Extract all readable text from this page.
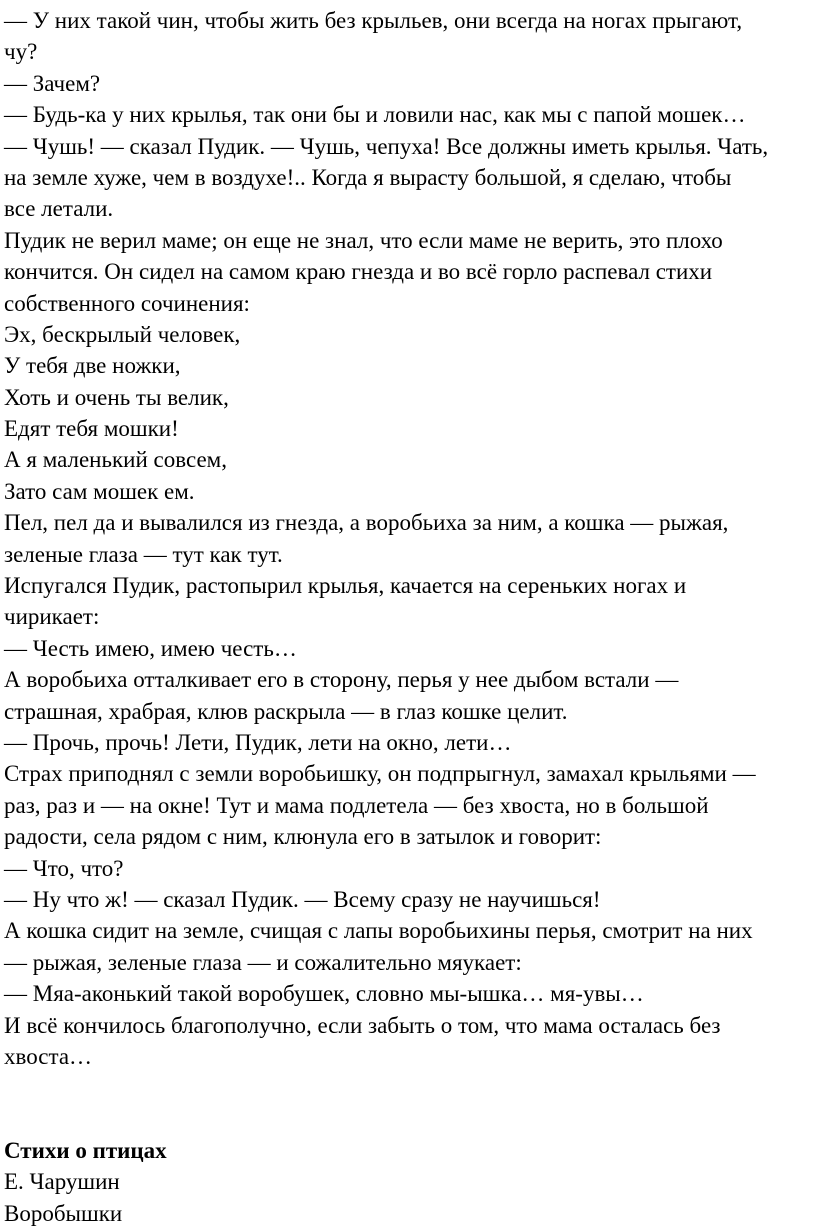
— У них такой чин, чтобы жить без крыльев, они всегда на ногах прыгают,
чу?
— Зачем?
— Будь-ка у них крылья, так они бы и ловили нас, как мы с папой мошек…
— Чушь! — сказал Пудик. — Чушь, чепуха! Все должны иметь крылья. Чать,
на земле хуже, чем в воздухе!.. Когда я вырасту большой, я сделаю, чтобы
все летали.
Пудик не верил маме; он еще не знал, что если маме не верить, это плохо
кончится. Он сидел на самом краю гнезда и во всё горло распевал стихи
собственного сочинения:
Эх, бескрылый человек,
У тебя две ножки,
Хоть и очень ты велик,
Едят тебя мошки!
А я маленький совсем,
Зато сам мошек ем.
Пел, пел да и вывалился из гнезда, а воробьиха за ним, а кошка — рыжая,
зеленые глаза — тут как тут.
Испугался Пудик, растопырил крылья, качается на сереньких ногах и
чирикает:
— Честь имею, имею честь…
А воробьиха отталкивает его в сторону, перья у нее дыбом встали —
страшная, храбрая, клюв раскрыла — в глаз кошке целит.
— Прочь, прочь! Лети, Пудик, лети на окно, лети…
Страх приподнял с земли воробьишку, он подпрыгнул, замахал крыльями —
раз, раз и — на окне! Тут и мама подлетела — без хвоста, но в большой
радости, села рядом с ним, клюнула его в затылок и говорит:
— Что, что?
— Ну что ж! — сказал Пудик. — Всему сразу не научишься!
А кошка сидит на земле, счищая с лапы воробьихины перья, смотрит на них
— рыжая, зеленые глаза — и сожалительно мяукает:
— Мяа-аконький такой воробушек, словно мы-ышка… мя-увы…
И всё кончилось благополучно, если забыть о том, что мама осталась без
хвоста…
Стихи о птицах
Е. Чарушин
Воробышки
